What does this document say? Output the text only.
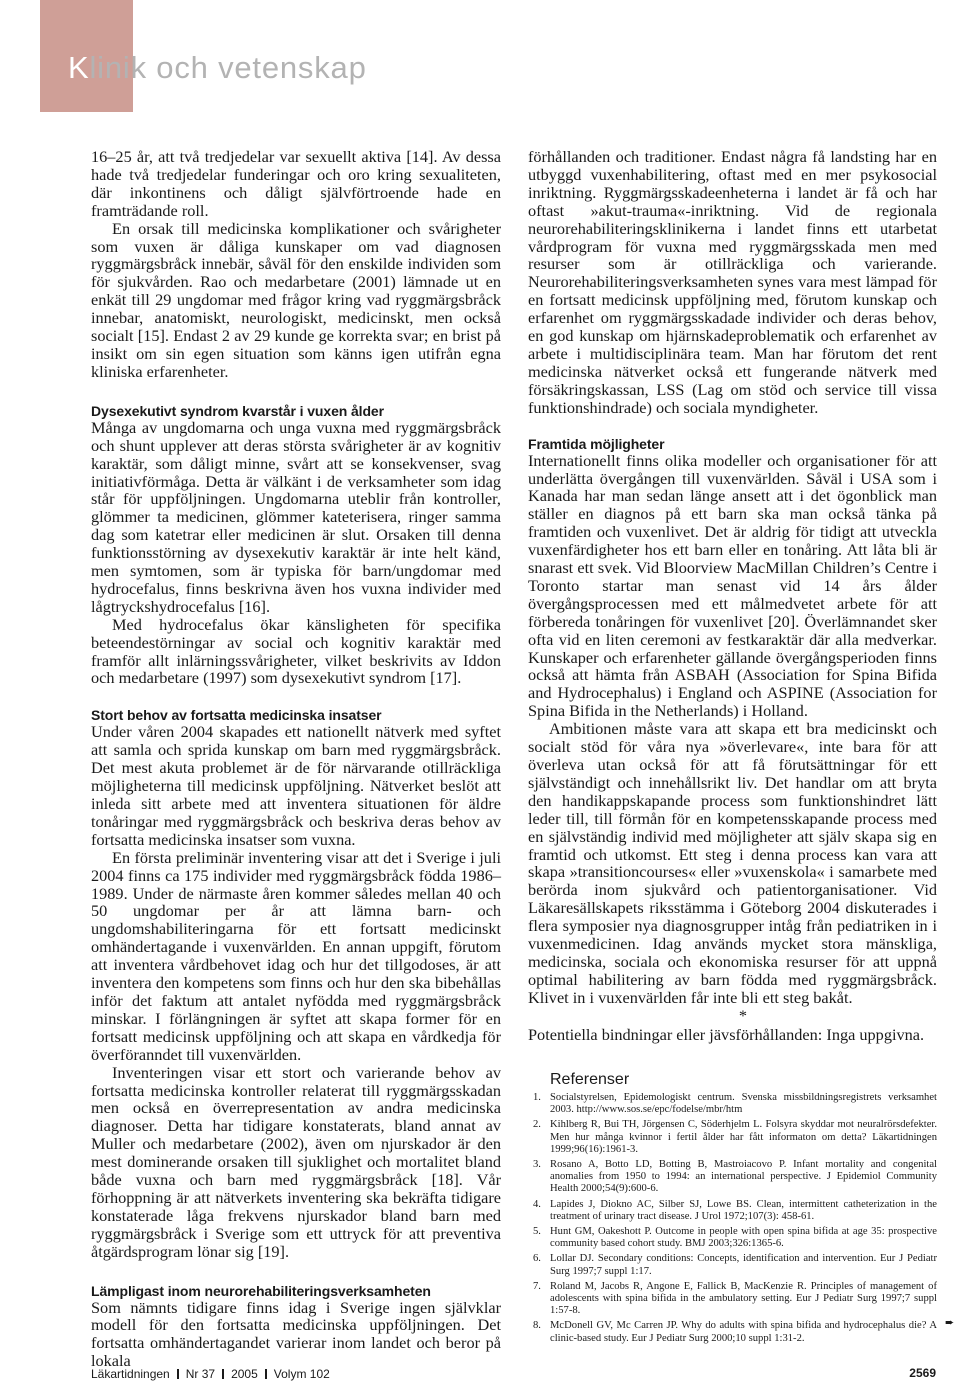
Klinik och vetenskap

16–25 år, att två tredjedelar var sexuellt aktiva [14]. Av dessa hade två tredjedelar funderingar och oro kring sexualiteten, där inkontinens och dåligt självförtroende hade en framträdande roll.

En orsak till medicinska komplikationer och svårigheter som vuxen är dåliga kunskaper om vad diagnosen ryggmärgsbråck innebär, såväl för den enskilde individen som för sjukvården. Rao och medarbetare (2001) lämnade ut en enkät till 29 ungdomar med frågor kring vad ryggmärgsbråck innebar, anatomiskt, neurologiskt, medicinskt, men också socialt [15]. Endast 2 av 29 kunde ge korrekta svar; en brist på insikt om sin egen situation som känns igen utifrån egna kliniska erfarenheter.

Dysexekutivt syndrom kvarstår i vuxen ålder

Många av ungdomarna och unga vuxna med ryggmärgsbråck och shunt upplever att deras största svårigheter är av kognitiv karaktär, som dåligt minne, svårt att se konsekvenser, svag initiativförmåga. Detta är välkänt i de verksamheter som idag står för uppföljningen. Ungdomarna uteblir från kontroller, glömmer ta medicinen, glömmer kateterisera, ringer samma dag som katetrar eller medicinen är slut. Orsaken till denna funktionsstörning av dysexekutiv karaktär är inte helt känd, men symtomen, som är typiska för barn/ungdomar med hydrocefalus, finns beskrivna även hos vuxna individer med lågtryckshydrocefalus [16].

Med hydrocefalus ökar känsligheten för specifika beteendestörningar av social och kognitiv karaktär med framför allt inlärningssvårigheter, vilket beskrivits av Iddon och medarbetare (1997) som dysexekutivt syndrom [17].

Stort behov av fortsatta medicinska insatser

Under våren 2004 skapades ett nationellt nätverk med syftet att samla och sprida kunskap om barn med ryggmärgsbråck. Det mest akuta problemet är de för närvarande otillräckliga möjligheterna till medicinsk uppföljning. Nätverket beslöt att inleda sitt arbete med att inventera situationen för äldre tonåringar med ryggmärgsbråck och beskriva deras behov av fortsatta medicinska insatser som vuxna.

En första preliminär inventering visar att det i Sverige i juli 2004 finns ca 175 individer med ryggmärgsbråck födda 1986–1989. Under de närmaste åren kommer således mellan 40 och 50 ungdomar per år att lämna barn- och ungdomshabiliteringarna för ett fortsatt medicinskt omhändertagande i vuxenvärlden. En annan uppgift, förutom att inventera vårdbehovet idag och hur det tillgodoses, är att inventera den kompetens som finns och hur den ska bibehållas inför det faktum att antalet nyfödda med ryggmärgsbråck minskar. I förlängningen är syftet att skapa former för en fortsatt medicinsk uppföljning och att skapa en vårdkedja för överföranndet till vuxenvärlden.

Inventeringen visar ett stort och varierande behov av fortsatta medicinska kontroller relaterat till ryggmärgsskadan men också en överrepresentation av andra medicinska diagnoser. Detta har tidigare konstaterats, bland annat av Muller och medarbetare (2002), även om njurskador är den mest dominerande orsaken till sjuklighet och mortalitet bland både vuxna och barn med ryggmärgsbråck [18]. Vår förhoppning är att nätverkets inventering ska bekräfta tidigare konstaterade låga frekvens njurskador bland barn med ryggmärgsbråck i Sverige som ett uttryck för att preventiva åtgärdsprogram lönar sig [19].

Lämpligast inom neurorehabiliteringsverksamheten

Som nämnts tidigare finns idag i Sverige ingen självklar modell för den fortsatta medicinska uppföljningen. Det fortsatta omhändertagandet varierar inom landet och beror på lokala

förhållanden och traditioner. Endast några få landsting har en utbyggd vuxenhabilitering, oftast med en mer psykosocial inriktning. Ryggmärgsskadeenheterna i landet är få och har oftast »akut-trauma«-inriktning. Vid de regionala neurorehabiliteringsklinikerna i landet finns ett utarbetat vårdprogram för vuxna med ryggmärgsskada men med resurser som är otillräckliga och varierande. Neurorehabiliteringsverksamheten synes vara mest lämpad för en fortsatt medicinsk uppföljning med, förutom kunskap och erfarenhet om ryggmärgsskadade individer och deras behov, en god kunskap om hjärnskadeproblematik och erfarenhet av arbete i multidisciplinära team. Man har förutom det rent medicinska nätverket också ett fungerande nätverk med försäkringskassan, LSS (Lag om stöd och service till vissa funktionshindrade) och sociala myndigheter.

Framtida möjligheter

Internationellt finns olika modeller och organisationer för att underlätta övergången till vuxenvärlden. Såväl i USA som i Kanada har man sedan länge ansett att i det ögonblick man ställer en diagnos på ett barn ska man också tänka på framtiden och vuxenlivet. Det är aldrig för tidigt att utveckla vuxenfärdigheter hos ett barn eller en tonåring. Att låta bli är snarast ett svek. Vid Bloorview MacMillan Children’s Centre i Toronto startar man senast vid 14 års ålder övergångsprocessen med ett målmedvetet arbete för att förbereda tonåringen för vuxenlivet [20]. Överlämnandet sker ofta vid en liten ceremoni av festkaraktär där alla medverkar. Kunskaper och erfarenheter gällande övergångsperioden finns också att hämta från ASBAH (Association for Spina Bifida and Hydrocephalus) i England och ASPINE (Association for Spina Bifida in the Netherlands) i Holland.

Ambitionen måste vara att skapa ett bra medicinskt och socialt stöd för våra nya »överlevare«, inte bara för att överleva utan också för att få förutsättningar för ett självständigt och innehållsrikt liv. Det handlar om att bryta den handikappskapande process som funktionshindret lätt leder till, till förmån för en kompetensskapande process med en självständig individ med möjligheter att själv skapa sig en framtid och utkomst. Ett steg i denna process kan vara att skapa »transitioncourses« eller »vuxenskola« i samarbete med berörda inom sjukvård och patientorganisationer. Vid Läkaresällskapets riksstämma i Göteborg 2004 diskuterades i flera symposier nya diagnosgrupper intåg från pediatriken in i vuxenmedicinen. Idag används mycket stora mänskliga, medicinska, sociala och ekonomiska resurser för att uppnå optimal habilitering av barn födda med ryggmärgsbråck. Klivet in i vuxenvärlden får inte bli ett steg bakåt.

*

Potentiella bindningar eller jävsförhållanden: Inga uppgivna.

Referenser
1. Socialstyrelsen, Epidemologiskt centrum. Svenska missbildningsregistrets verksamhet 2003. http://www.sos.se/epc/fodelse/mbr/htm
2. Kihlberg R, Bui TH, Jörgensen C, Söderhjelm L. Folsyra skyddar mot neuralrörsdefekter. Men hur många kvinnor i fertil ålder har fått informaton om detta? Läkartidningen 1999;96(16):1961-3.
3. Rosano A, Botto LD, Botting B, Mastroiacovo P. Infant mortality and congenital anomalies from 1950 to 1994: an international perspective. J Epidemiol Community Health 2000;54(9):600-6.
4. Lapides J, Diokno AC, Silber SJ, Lowe BS. Clean, intermittent catheterization in the treatment of urinary tract disease. J Urol 1972;107(3): 458-61.
5. Hunt GM, Oakeshott P. Outcome in people with open spina bifida at age 35: prospective community based cohort study. BMJ 2003;326:1365-6.
6. Lollar DJ. Secondary conditions: Concepts, identification and intervention. Eur J Pediatr Surg 1997;7 suppl 1:17.
7. Roland M, Jacobs R, Angone E, Fallick B, MacKenzie R. Principles of management of adolescents with spina bifida in the ambulatory setting. Eur J Pediatr Surg 1997;7 suppl 1:57-8.
8. McDonell GV, Mc Carren JP. Why do adults with spina bifida and hydrocephalus die? A clinic-based study. Eur J Pediatr Surg 2000;10 suppl 1:31-2.
➨
Läkartidningen Nr 37 2005 Volym 102	2569
